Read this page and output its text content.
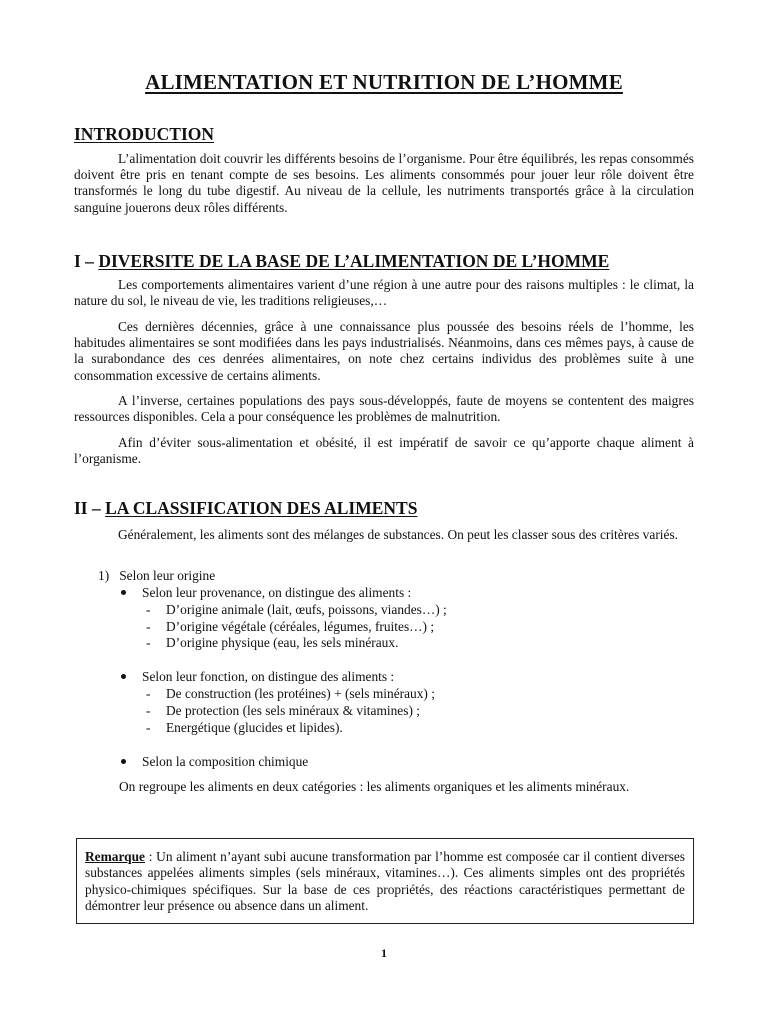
ALIMENTATION ET NUTRITION DE L’HOMME
INTRODUCTION

L’alimentation doit couvrir les différents besoins de l’organisme. Pour être équilibrés, les repas consommés doivent être pris en tenant compte de ses besoins. Les aliments consommés pour jouer leur rôle doivent être transformés le long du tube digestif. Au niveau de la cellule, les nutriments transportés grâce à la circulation sanguine jouerons deux rôles différents.

I – DIVERSITE DE LA BASE DE L’ALIMENTATION DE L’HOMME

Les comportements alimentaires varient d’une région à une autre pour des raisons multiples : le climat, la nature du sol, le niveau de vie, les traditions religieuses,…

Ces dernières décennies, grâce à une connaissance plus poussée des besoins réels de l’homme, les habitudes alimentaires se sont modifiées dans les pays industrialisés. Néanmoins, dans ces mêmes pays, à cause de la surabondance des ces denrées alimentaires, on note chez certains individus des problèmes suite à une consommation excessive de certains aliments.

A l’inverse, certaines populations des pays sous-développés, faute de moyens se contentent des maigres ressources disponibles. Cela a pour conséquence les problèmes de malnutrition.

Afin d’éviter sous-alimentation et obésité, il est impératif de savoir ce qu’apporte chaque aliment à l’organisme.

II – LA CLASSIFICATION DES ALIMENTS

Généralement, les aliments sont des mélanges de substances. On peut les classer sous des critères variés.

1) Selon leur origine
Selon leur provenance, on distingue des aliments :
- D’origine animale (lait, œufs, poissons, viandes…) ;
- D’origine végétale (céréales, légumes, fruites…) ;
- D’origine physique (eau, les sels minéraux.
Selon leur fonction, on distingue des aliments :
- De construction (les protéines) + (sels minéraux) ;
- De protection (les sels minéraux & vitamines) ;
- Energétique (glucides et lipides).
Selon la composition chimique

On regroupe les aliments en deux catégories : les aliments organiques et les aliments minéraux.

Remarque : Un aliment n’ayant subi aucune transformation par l’homme est composée car il contient diverses substances appelées aliments simples (sels minéraux, vitamines…). Ces aliments simples ont des propriétés physico-chimiques spécifiques. Sur la base de ces propriétés, des réactions caractéristiques permettant de démontrer leur présence ou absence dans un aliment.

1
